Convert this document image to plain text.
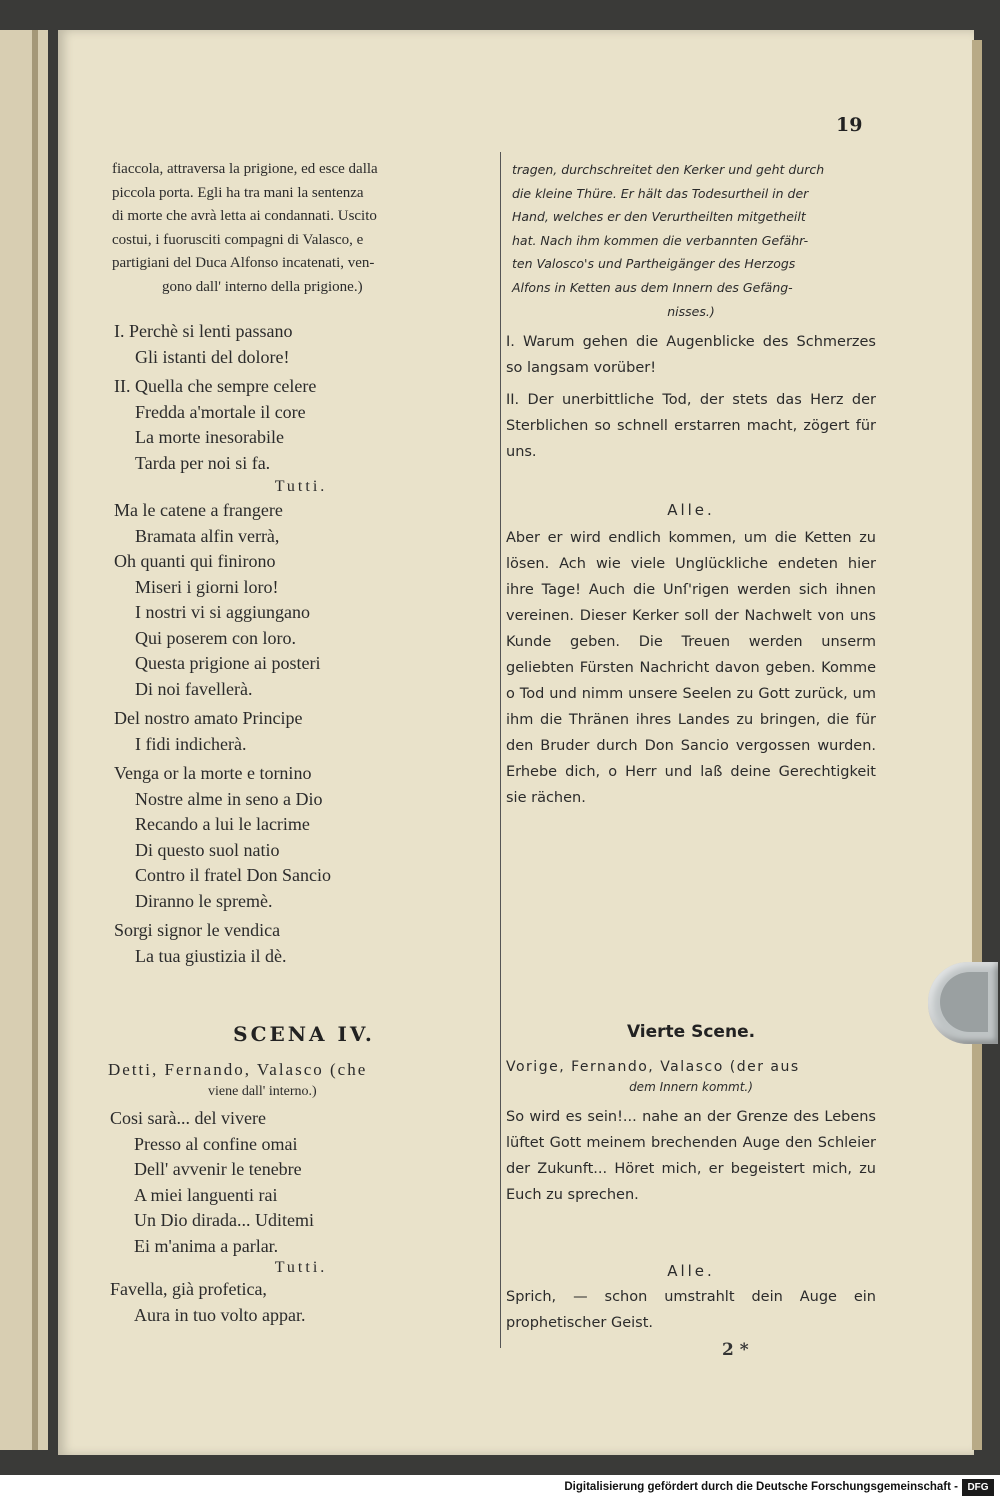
19

fiaccola, attraversa la prigione, ed esce dalla

piccola porta. Egli ha tra mani la sentenza

di morte che avrà letta ai condannati. Uscito

costui, i fuorusciti compagni di Valasco, e

partigiani del Duca Alfonso incatenati, ven-

gono dall' interno della prigione.)

I. Perchè si lenti passano
Gli istanti del dolore!
II. Quella che sempre celere
Fredda a'mortale il core
La morte inesorabile
Tarda per noi si fa.
Tutti.
Ma le catene a frangere
Bramata alfin verrà,
Oh quanti qui finirono
Miseri i giorni loro!
I nostri vi si aggiungano
Qui poserem con loro.
Questa prigione ai posteri
Di noi favellerà.
Del nostro amato Principe
I fidi indicherà.
Venga or la morte e tornino
Nostre alme in seno a Dio
Recando a lui le lacrime
Di questo suol natio
Contro il fratel Don Sancio
Diranno le spremè.
Sorgi signor le vendica
La tua giustizia il dè.
SCENA IV.
Detti, Fernando, Valasco (che
viene dall' interno.)
Cosi sarà... del vivere
Presso al confine omai
Dell' avvenir le tenebre
A miei languenti rai
Un Dio dirada... Uditemi
Ei m'anima a parlar.
Tutti.
Favella, già profetica,
Aura in tuo volto appar.

tragen, durchschreitet den Kerker und geht durch

die kleine Thüre. Er hält das Todesurtheil in der

Hand, welches er den Verurtheilten mitgetheilt

hat. Nach ihm kommen die verbannten Gefähr-

ten Valosco's und Partheigänger des Herzogs

Alfons in Ketten aus dem Innern des Gefäng-

nisses.)

I. Warum gehen die Augenblicke des Schmerzes so langsam vorüber!

II. Der unerbittliche Tod, der stets das Herz der Sterblichen so schnell erstarren macht, zögert für uns.

Alle.

Aber er wird endlich kommen, um die Ketten zu lösen. Ach wie viele Unglückliche endeten hier ihre Tage! Auch die Unſ'rigen werden sich ihnen vereinen. Dieser Kerker soll der Nachwelt von uns Kunde geben. Die Treuen werden unserm geliebten Fürsten Nachricht davon geben. Komme o Tod und nimm unsere Seelen zu Gott zurück, um ihm die Thränen ihres Landes zu bringen, die für den Bruder durch Don Sancio vergossen wurden. Erhebe dich, o Herr und laß deine Gerechtigkeit sie rächen.

Vierte Scene.
Vorige, Fernando, Valasco (der aus
dem Innern kommt.)

So wird es sein!... nahe an der Grenze des Lebens lüftet Gott meinem brechenden Auge den Schleier der Zukunft... Höret mich, er begeistert mich, zu Euch zu sprechen.

Alle.

Sprich, — schon umstrahlt dein Auge ein prophetischer Geist.

2 *
Digitalisierung gefördert durch die Deutsche Forschungsgemeinschaft - DFG
